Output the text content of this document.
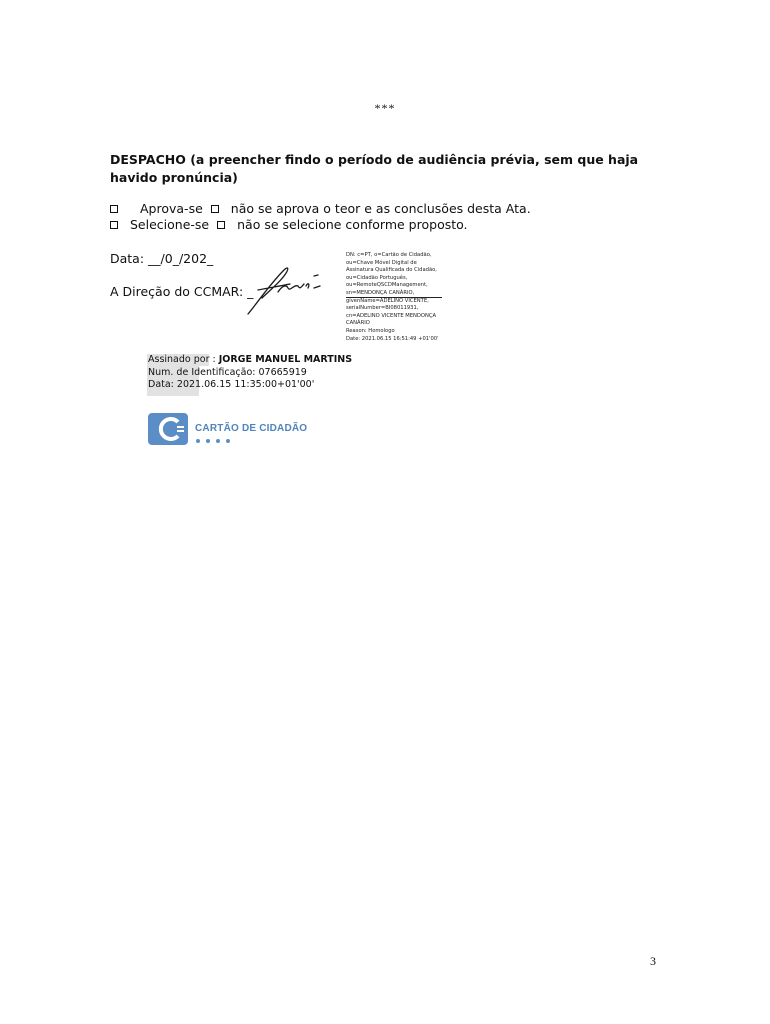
***
DESPACHO (a preencher findo o período de audiência prévia, sem que haja havido pronúncia)
Aprova-se não se aprova o teor e as conclusões desta Ata.
Selecione-se não se selecione conforme proposto.
Data: __/0_/202_
A Direção do CCMAR: _
DN: c=PT, o=Cartão de Cidadão,
ou=Chave Móvel Digital de
Assinatura Qualificada do Cidadão,
ou=Cidadão Português,
ou=RemoteQSCDManagement,
sn=MENDONÇA CANÁRIO,
givenName=ADELINO VICENTE,
serialNumber=BI08011931,
cn=ADELINO VICENTE MENDONÇA
CANÁRIO
Reason: Homologo
Date: 2021.06.15 16:51:49 +01'00'
Assinado por : JORGE MANUEL MARTINS
Num. de Identificação: 07665919
Data: 2021.06.15 11:35:00+01'00'
CARTÃO DE CIDADÃO
3
